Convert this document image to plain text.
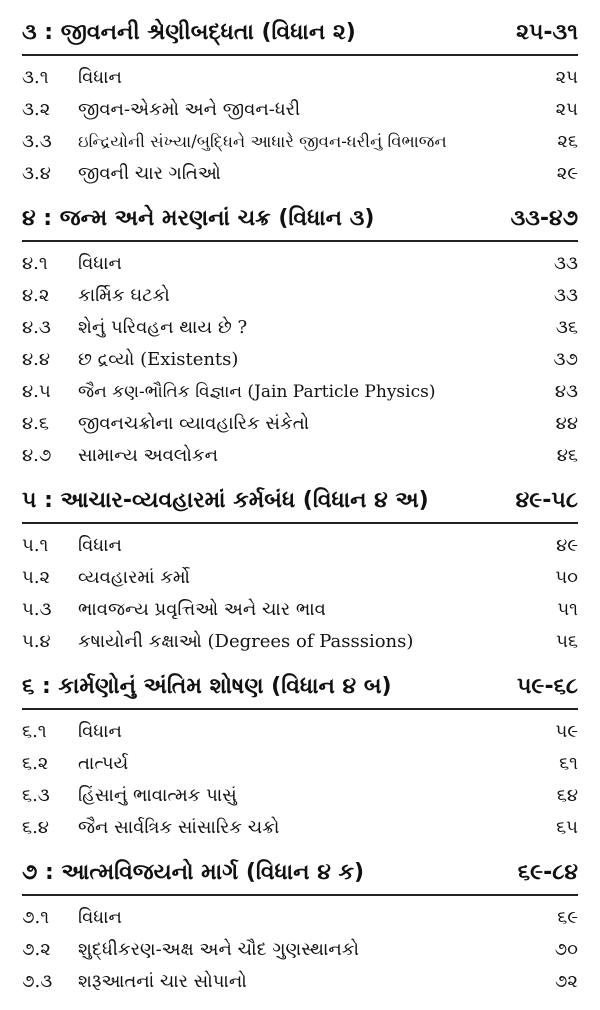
૩ : જીવનની શ્રેણીબદ્ધતા (વિધાન ૨)	૨૫-૩૧
૩.૧	વિધાન	૨૫
૩.૨	જીવન-એકમો અને જીવન-ધરી	૨૫
૩.૩	ઇન્દ્રિયોની સંખ્યા/બુદ્ધિને આધારે જીવન-ધરીનું વિભાજન	૨૬
૩.૪	જીવની ચાર ગતિઓ	૨૯
૪ : જન્મ અને મરણનાં ચક્ર (વિધાન ૩)	૩૩-૪૭
૪.૧	વિધાન	૩૩
૪.૨	કાર્મિક ઘટકો	૩૩
૪.૩	શેનું પરિવહન થાય છે ?	૩૬
૪.૪	છ દ્રવ્યો (Existents)	૩૭
૪.૫	જૈન કણ-ભૌતિક વિજ્ઞાન (Jain Particle Physics)	૪૩
૪.૬	જીવનચક્રોના વ્યાવહારિક સંકેતો	૪૪
૪.૭	સામાન્ય અવલોકન	૪૬
૫ : આચાર-વ્યવહારમાં કર્મબંધ (વિધાન ૪ અ)	૪૯-૫૮
૫.૧	વિધાન	૪૯
૫.૨	વ્યવહારમાં કર્મો	૫૦
૫.૩	ભાવજન્ય પ્રવૃત્તિઓ અને ચાર ભાવ	૫૧
૫.૪	કષાયોની કક્ષાઓ (Degrees of Passsions)	૫૬
૬ : કાર્મણોનું અંતિમ શોષણ (વિધાન ૪ બ)	૫૯-૬૮
૬.૧	વિધાન	૫૯
૬.૨	તાત્પર્ય	૬૧
૬.૩	હિંસાનું ભાવાત્મક પાસું	૬૪
૬.૪	જૈન સાર્વત્રિક સાંસારિક ચક્રો	૬૫
૭ : આત્મવિજયનો માર્ગ (વિધાન ૪ ક)	૬૯-૮૪
૭.૧	વિધાન	૬૯
૭.૨	શુદ્ધીકરણ-અક્ષ અને ચૌદ ગુણસ્થાનકો	૭૦
૭.૩	શરૂઆતનાં ચાર સોપાનો	૭૨
